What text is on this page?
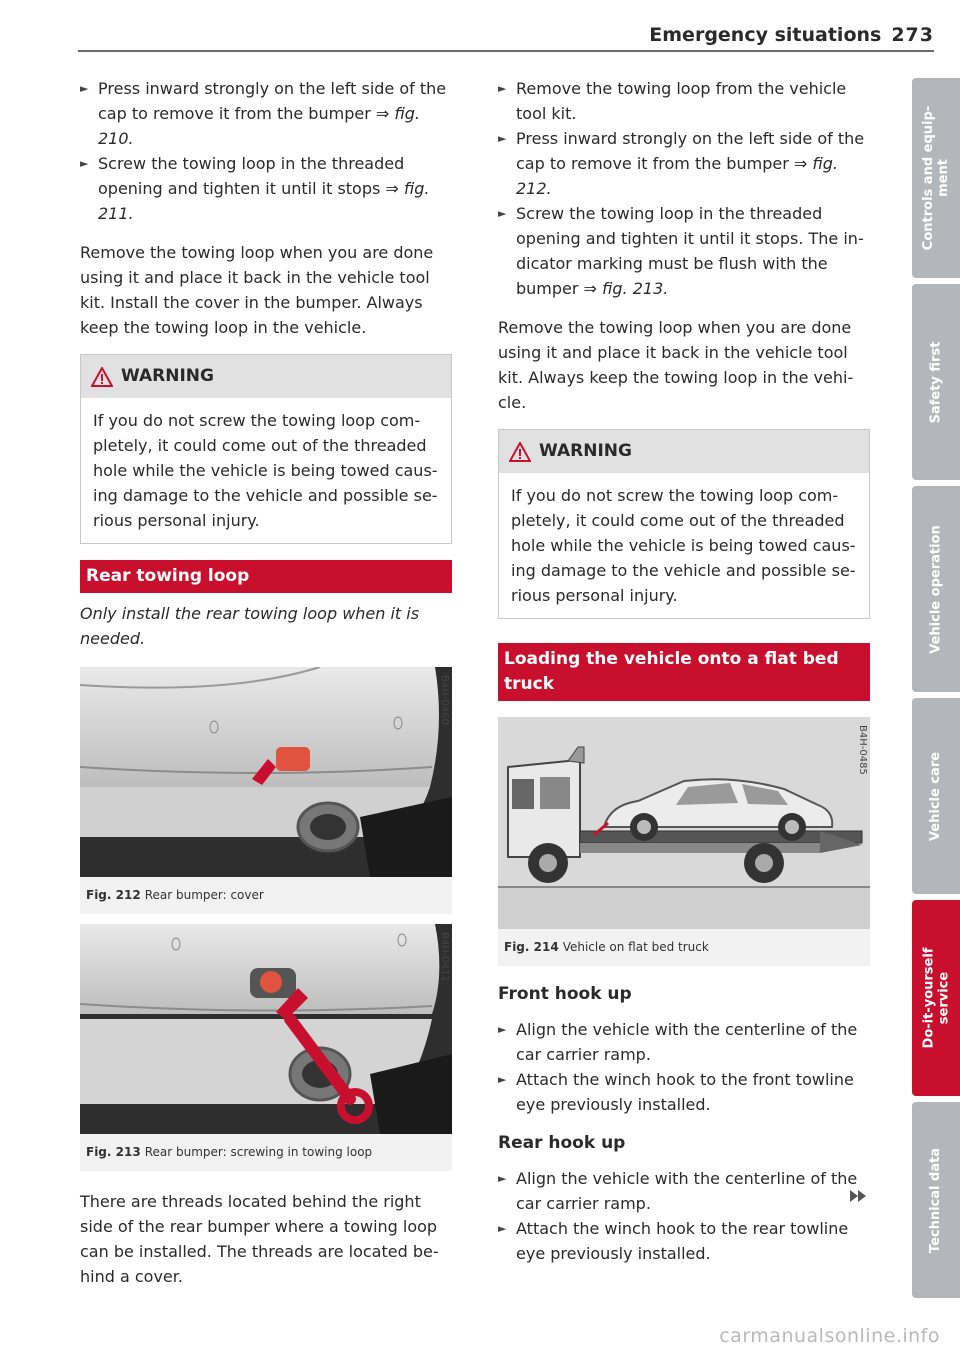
Emergency situations 273
► Press inward strongly on the left side of the cap to remove it from the bumper ⇒ fig. 210.
► Screw the towing loop in the threaded opening and tighten it until it stops ⇒ fig. 211.

Remove the towing loop when you are done using it and place it back in the vehicle tool kit. Install the cover in the bumper. Always keep the towing loop in the vehicle.

WARNING
If you do not screw the towing loop completely, it could come out of the threaded hole while the vehicle is being towed causing damage to the vehicle and possible serious personal injury.
Rear towing loop

Only install the rear towing loop when it is needed.

B4H-0460
Fig. 212 Rear bumper: cover
B4H-0411
Fig. 213 Rear bumper: screwing in towing loop

There are threads located behind the right side of the rear bumper where a towing loop can be installed. The threads are located behind a cover.

► Remove the towing loop from the vehicle tool kit.
► Press inward strongly on the left side of the cap to remove it from the bumper ⇒ fig. 212.
► Screw the towing loop in the threaded opening and tighten it until it stops. The indicator marking must be flush with the bumper ⇒ fig. 213.

Remove the towing loop when you are done using it and place it back in the vehicle tool kit. Always keep the towing loop in the vehicle.

WARNING
If you do not screw the towing loop completely, it could come out of the threaded hole while the vehicle is being towed causing damage to the vehicle and possible serious personal injury.
Loading the vehicle onto a flat bed truck
B4H-0485
Fig. 214 Vehicle on flat bed truck
Front hook up
► Align the vehicle with the centerline of the car carrier ramp.
► Attach the winch hook to the front towline eye previously installed.
Rear hook up
► Align the vehicle with the centerline of the car carrier ramp.
► Attach the winch hook to the rear towline eye previously installed.
Controls and equip-
ment
Safety first
Vehicle operation
Vehicle care
Do-it-yourself
service
Technical data
carmanualsonline.info
